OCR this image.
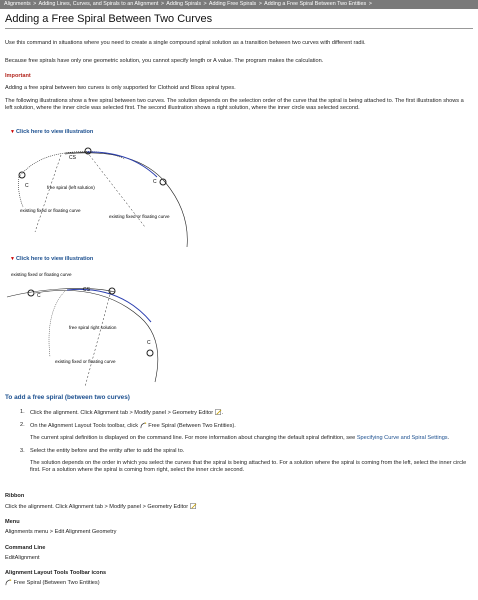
Alignments > Adding Lines, Curves, and Spirals to an Alignment > Adding Spirals > Adding Free Spirals > Adding a Free Spiral Between Two Entities >
Adding a Free Spiral Between Two Curves

Use this command in situations where you need to create a single compound spiral solution as a transition between two curves with different radii.

Because free spirals have only one geometric solution, you cannot specify length or A value. The program makes the calculation.

Important

Adding a free spiral between two curves is only supported for Clothoid and Bloss spiral types.

The following illustrations show a free spiral between two curves. The solution depends on the selection order of the curve that the spiral is being attached to. The first illustration shows a left solution, where the inner circle was selected first. The second illustration shows a right solution, where the inner circle was selected second.

▼Click here to view illustration
CS
C
C
free spiral (left solution)
existing fixed or floating curve
existing fixed or floating curve
▼Click here to view illustration
existing fixed or floating curve
CS
C
C
free spiral right solution
existing fixed or floating curve
To add a free spiral (between two curves)
1. Click the alignment. Click Alignment tab > Modify panel > Geometry Editor .
2. On the Alignment Layout Tools toolbar, click Free Spiral (Between Two Entities).

The current spiral definition is displayed on the command line. For more information about changing the default spiral definition, see Specifying Curve and Spiral Settings.

3. Select the entity before and the entity after to add the spiral to.

The solution depends on the order in which you select the curves that the spiral is being attached to. For a solution where the spiral is coming from the left, select the inner circle first. For a solution where the spiral is coming from right, select the inner circle second.

Ribbon
Click the alignment. Click Alignment tab > Modify panel > Geometry Editor
Menu
Alignments menu > Edit Alignment Geometry
Command Line
EditAlignment
Alignment Layout Tools Toolbar icons
Free Spiral (Between Two Entities)
